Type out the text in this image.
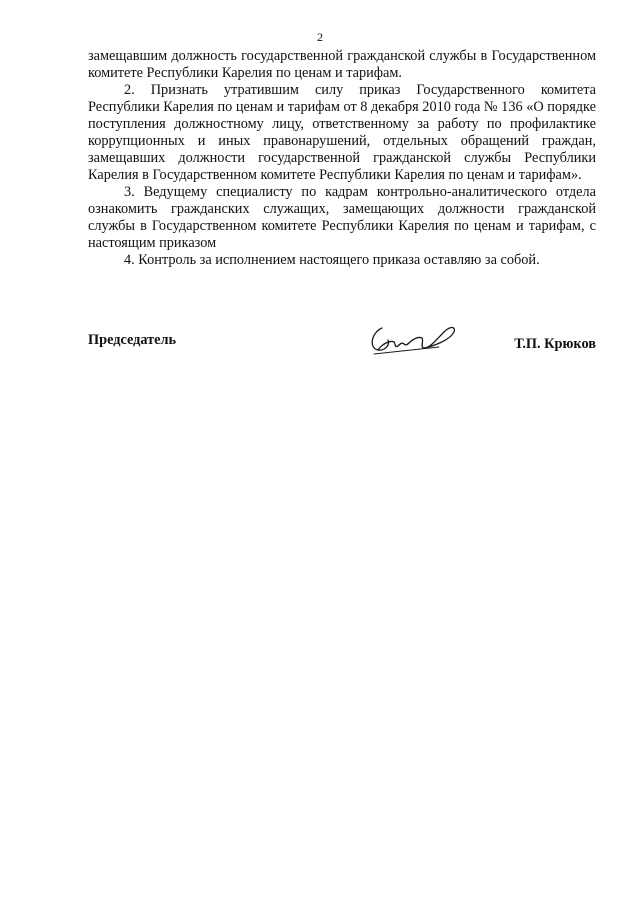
2

замещавшим должность государственной гражданской службы в Государственном комитете Республики Карелия по ценам и тарифам.

2. Признать утратившим силу приказ Государственного комитета Республики Карелия по ценам и тарифам от 8 декабря 2010 года № 136 «О порядке поступления должностному лицу, ответственному за работу по профилактике коррупционных и иных правонарушений, отдельных обращений граждан, замещавших должности государственной гражданской службы Республики Карелия в Государственном комитете Республики Карелия по ценам и тарифам».

3. Ведущему специалисту по кадрам контрольно-аналитического отдела ознакомить гражданских служащих, замещающих должности гражданской службы в Государственном комитете Республики Карелия по ценам и тарифам, с настоящим приказом

4. Контроль за исполнением настоящего приказа оставляю за собой.

Председатель	Т.П. Крюков
